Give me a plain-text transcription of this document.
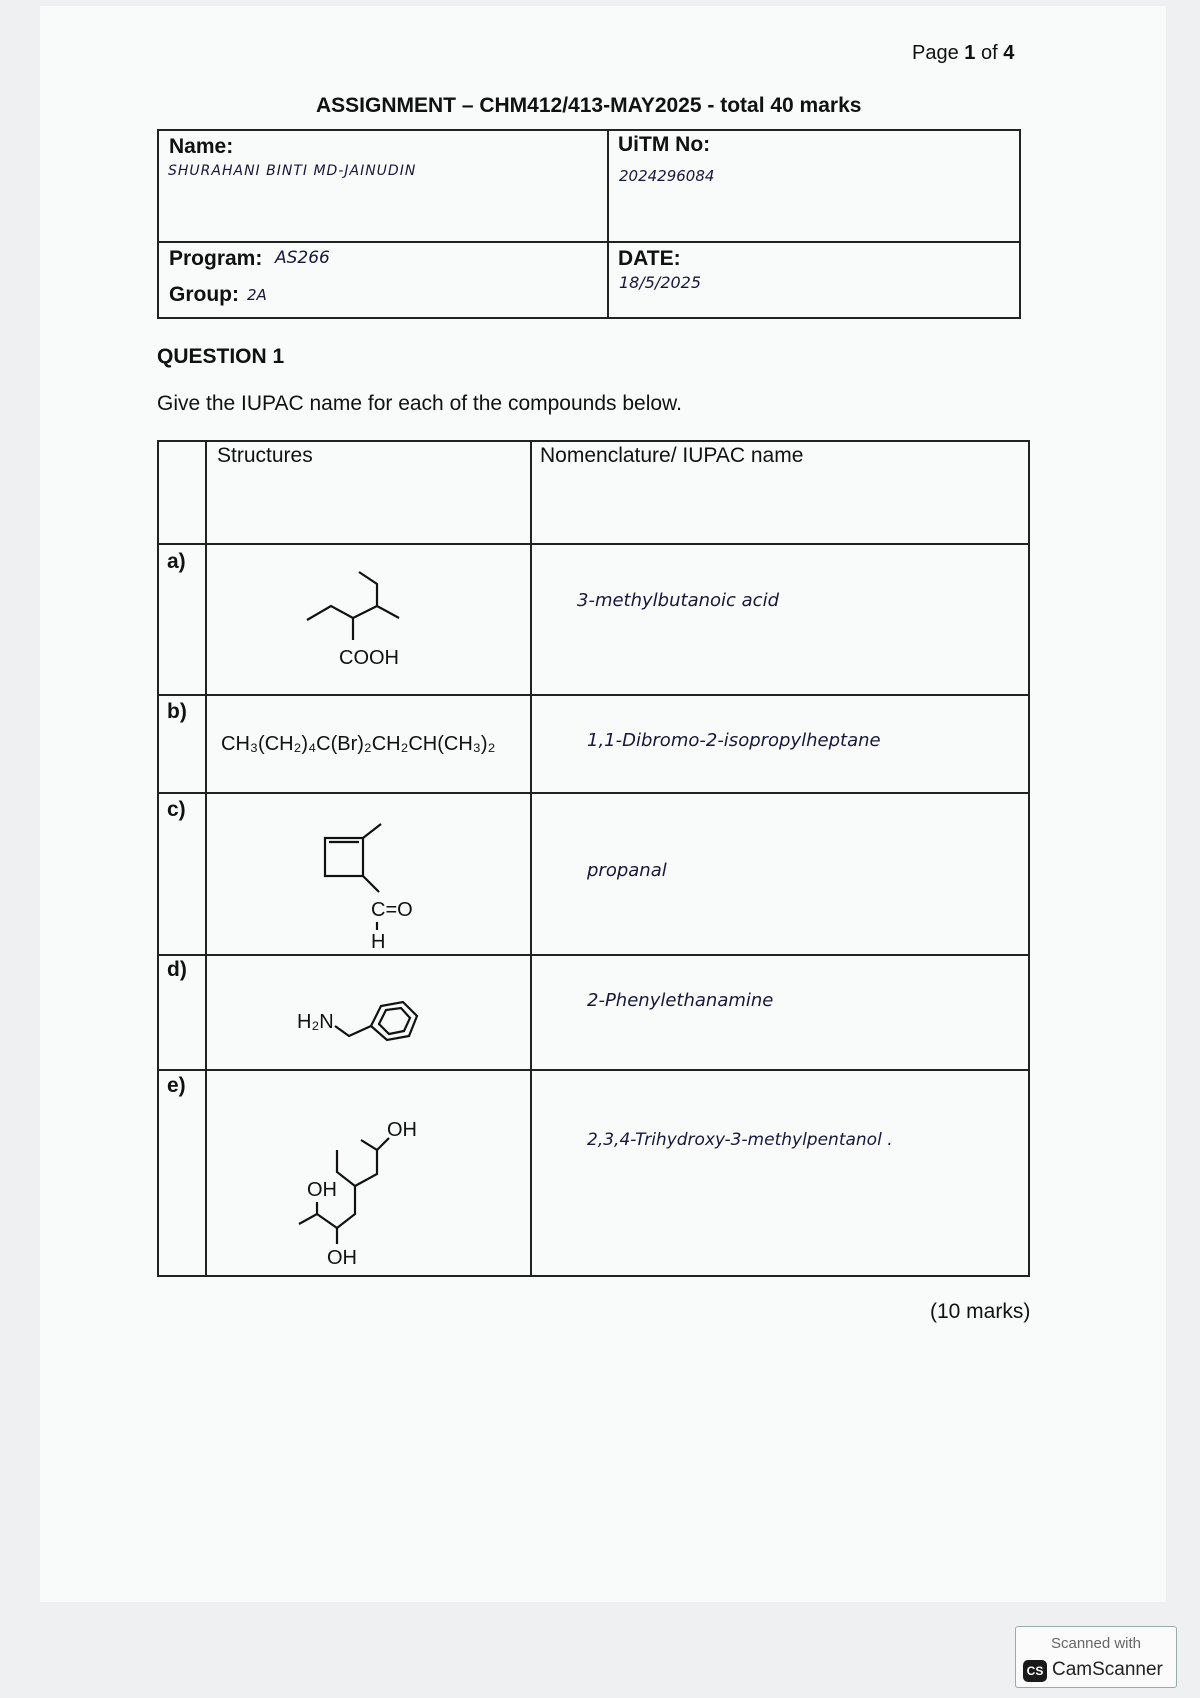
Page 1 of 4
ASSIGNMENT – CHM412/413-MAY2025 - total 40 marks
Name:
SHURAHANI BINTI MD-JAINUDIN
UiTM No:
2024296084
Program: AS266
Group: 2A
DATE:
18/5/2025
QUESTION 1
Give the IUPAC name for each of the compounds below.
Structures	Nomenclature/ IUPAC name
a)
COOH
3-methylbutanoic acid
b)
CH₃(CH₂)₄C(Br)₂CH₂CH(CH₃)₂	1,1-Dibromo-2-isopropylheptane
c)
C=O
H
propanal
d)
H₂N
2-Phenylethanamine
e)
OH
OH
OH
2,3,4-Trihydroxy-3-methylpentanol .
(10 marks)
Scanned with
CS CamScanner
